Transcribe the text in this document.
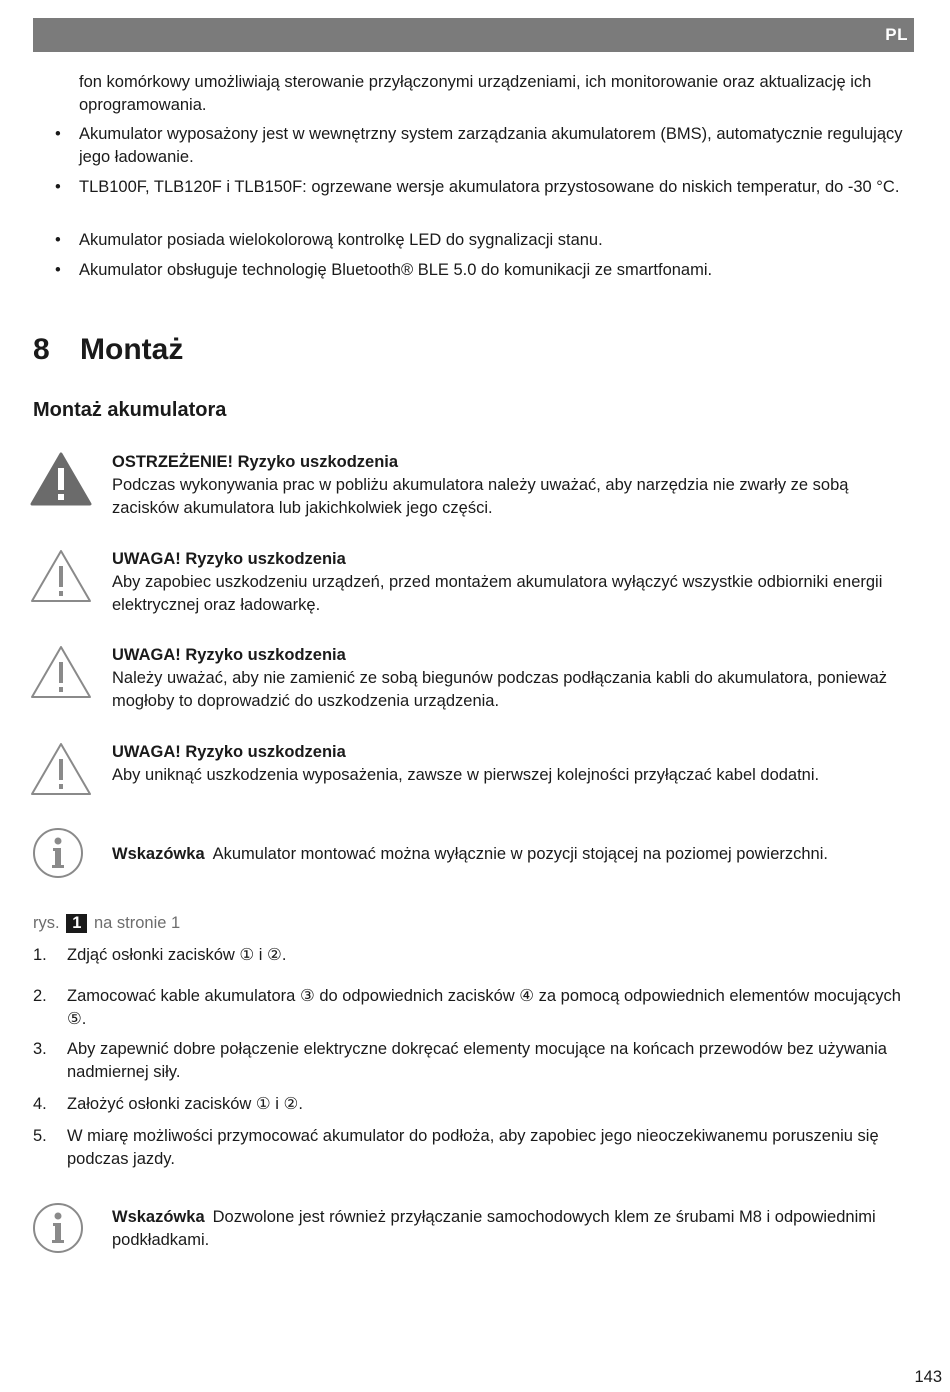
PL
fon komórkowy umożliwiają sterowanie przyłączonymi urządzeniami, ich monitorowanie oraz aktualizację ich oprogramowania.
• Akumulator wyposażony jest w wewnętrzny system zarządzania akumulatorem (BMS), automatycznie regulujący jego ładowanie.
• TLB100F, TLB120F i TLB150F: ogrzewane wersje akumulatora przystosowane do niskich temperatur, do -30 °C.
• Akumulator posiada wielokolorową kontrolkę LED do sygnalizacji stanu.
• Akumulator obsługuje technologię Bluetooth® BLE 5.0 do komunikacji ze smartfonami.
8 Montaż
Montaż akumulatora
OSTRZEŻENIE! Ryzyko uszkodzenia
Podczas wykonywania prac w pobliżu akumulatora należy uważać, aby narzędzia nie zwarły ze sobą zacisków akumulatora lub jakichkolwiek jego części.
UWAGA! Ryzyko uszkodzenia
Aby zapobiec uszkodzeniu urządzeń, przed montażem akumulatora wyłączyć wszystkie odbiorniki energii elektrycznej oraz ładowarkę.
UWAGA! Ryzyko uszkodzenia
Należy uważać, aby nie zamienić ze sobą biegunów podczas podłączania kabli do akumulatora, ponieważ mogłoby to doprowadzić do uszkodzenia urządzenia.
UWAGA! Ryzyko uszkodzenia
Aby uniknąć uszkodzenia wyposażenia, zawsze w pierwszej kolejności przyłączać kabel dodatni.
Wskazówka Akumulator montować można wyłącznie w pozycji stojącej na poziomej powierzchni.
rys. 1 na stronie 1
1. Zdjąć osłonki zacisków ① i ②.
2. Zamocować kable akumulatora ③ do odpowiednich zacisków ④ za pomocą odpowiednich elementów mocujących ⑤.
3. Aby zapewnić dobre połączenie elektryczne dokręcać elementy mocujące na końcach przewodów bez używania nadmiernej siły.
4. Założyć osłonki zacisków ① i ②.
5. W miarę możliwości przymocować akumulator do podłoża, aby zapobiec jego nieoczekiwanemu poruszeniu się podczas jazdy.
Wskazówka Dozwolone jest również przyłączanie samochodowych klem ze śrubami M8 i odpowiednimi podkładkami.
143
